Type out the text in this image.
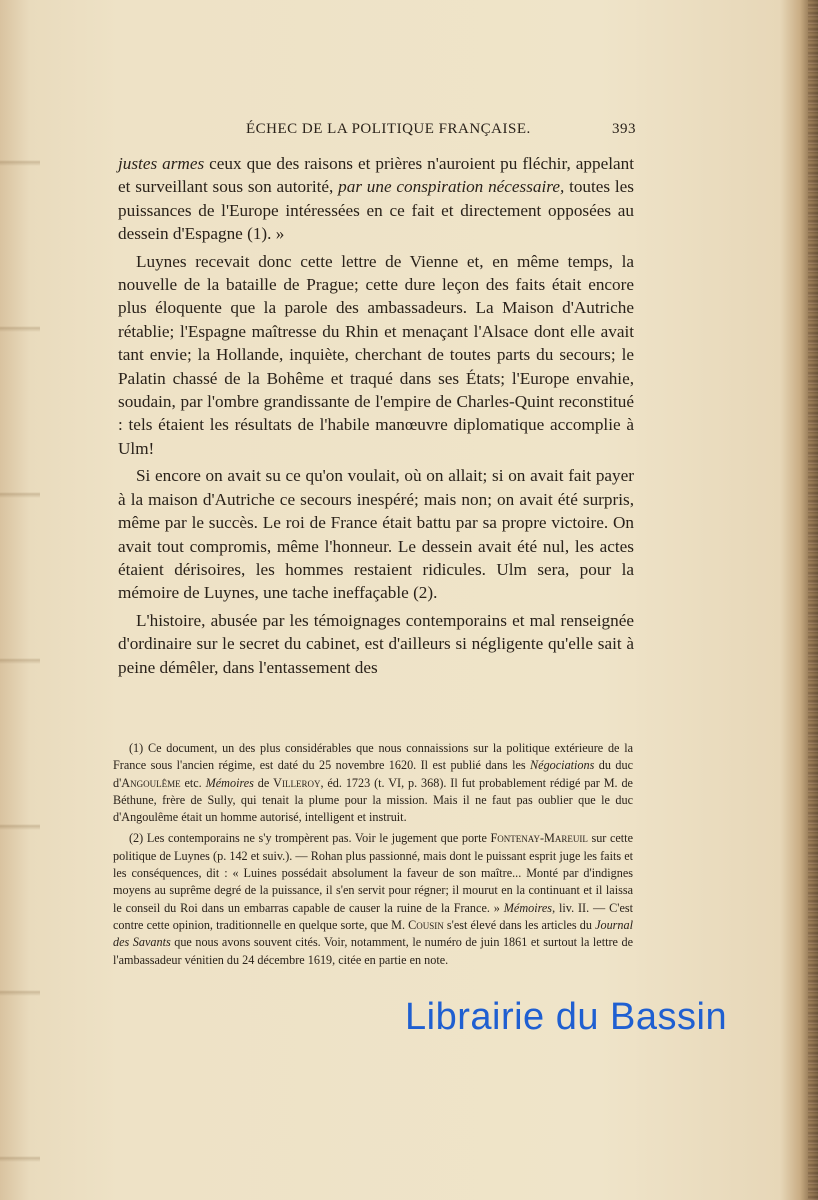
ÉCHEC DE LA POLITIQUE FRANÇAISE.	393

justes armes ceux que des raisons et prières n'auroient pu fléchir, appelant et surveillant sous son autorité, par une conspiration nécessaire, toutes les puissances de l'Europe intéressées en ce fait et directement opposées au dessein d'Espagne (1). »

Luynes recevait donc cette lettre de Vienne et, en même temps, la nouvelle de la bataille de Prague; cette dure leçon des faits était encore plus éloquente que la parole des ambassadeurs. La Maison d'Autriche rétablie; l'Espagne maîtresse du Rhin et menaçant l'Alsace dont elle avait tant envie; la Hollande, inquiète, cherchant de toutes parts du secours; le Palatin chassé de la Bohême et traqué dans ses États; l'Europe envahie, soudain, par l'ombre grandissante de l'empire de Charles-Quint reconstitué : tels étaient les résultats de l'habile manœuvre diplomatique accomplie à Ulm!

Si encore on avait su ce qu'on voulait, où on allait; si on avait fait payer à la maison d'Autriche ce secours inespéré; mais non; on avait été surpris, même par le succès. Le roi de France était battu par sa propre victoire. On avait tout compromis, même l'honneur. Le dessein avait été nul, les actes étaient dérisoires, les hommes restaient ridicules. Ulm sera, pour la mémoire de Luynes, une tache ineffaçable (2).

L'histoire, abusée par les témoignages contemporains et mal renseignée d'ordinaire sur le secret du cabinet, est d'ailleurs si négligente qu'elle sait à peine démêler, dans l'entassement des

(1) Ce document, un des plus considérables que nous connaissions sur la politique extérieure de la France sous l'ancien régime, est daté du 25 novembre 1620. Il est publié dans les Négociations du duc d'Angoulême etc. Mémoires de Villeroy, éd. 1723 (t. VI, p. 368). Il fut probablement rédigé par M. de Béthune, frère de Sully, qui tenait la plume pour la mission. Mais il ne faut pas oublier que le duc d'Angoulême était un homme autorisé, intelligent et instruit.

(2) Les contemporains ne s'y trompèrent pas. Voir le jugement que porte Fontenay-Mareuil sur cette politique de Luynes (p. 142 et suiv.). — Rohan plus passionné, mais dont le puissant esprit juge les faits et les conséquences, dit : « Luines possédait absolument la faveur de son maître... Monté par d'indignes moyens au suprême degré de la puissance, il s'en servit pour régner; il mourut en la continuant et il laissa le conseil du Roi dans un embarras capable de causer la ruine de la France. » Mémoires, liv. II. — C'est contre cette opinion, traditionnelle en quelque sorte, que M. Cousin s'est élevé dans les articles du Journal des Savants que nous avons souvent cités. Voir, notamment, le numéro de juin 1861 et surtout la lettre de l'ambassadeur vénitien du 24 décembre 1619, citée en partie en note.

Librairie du Bassin
